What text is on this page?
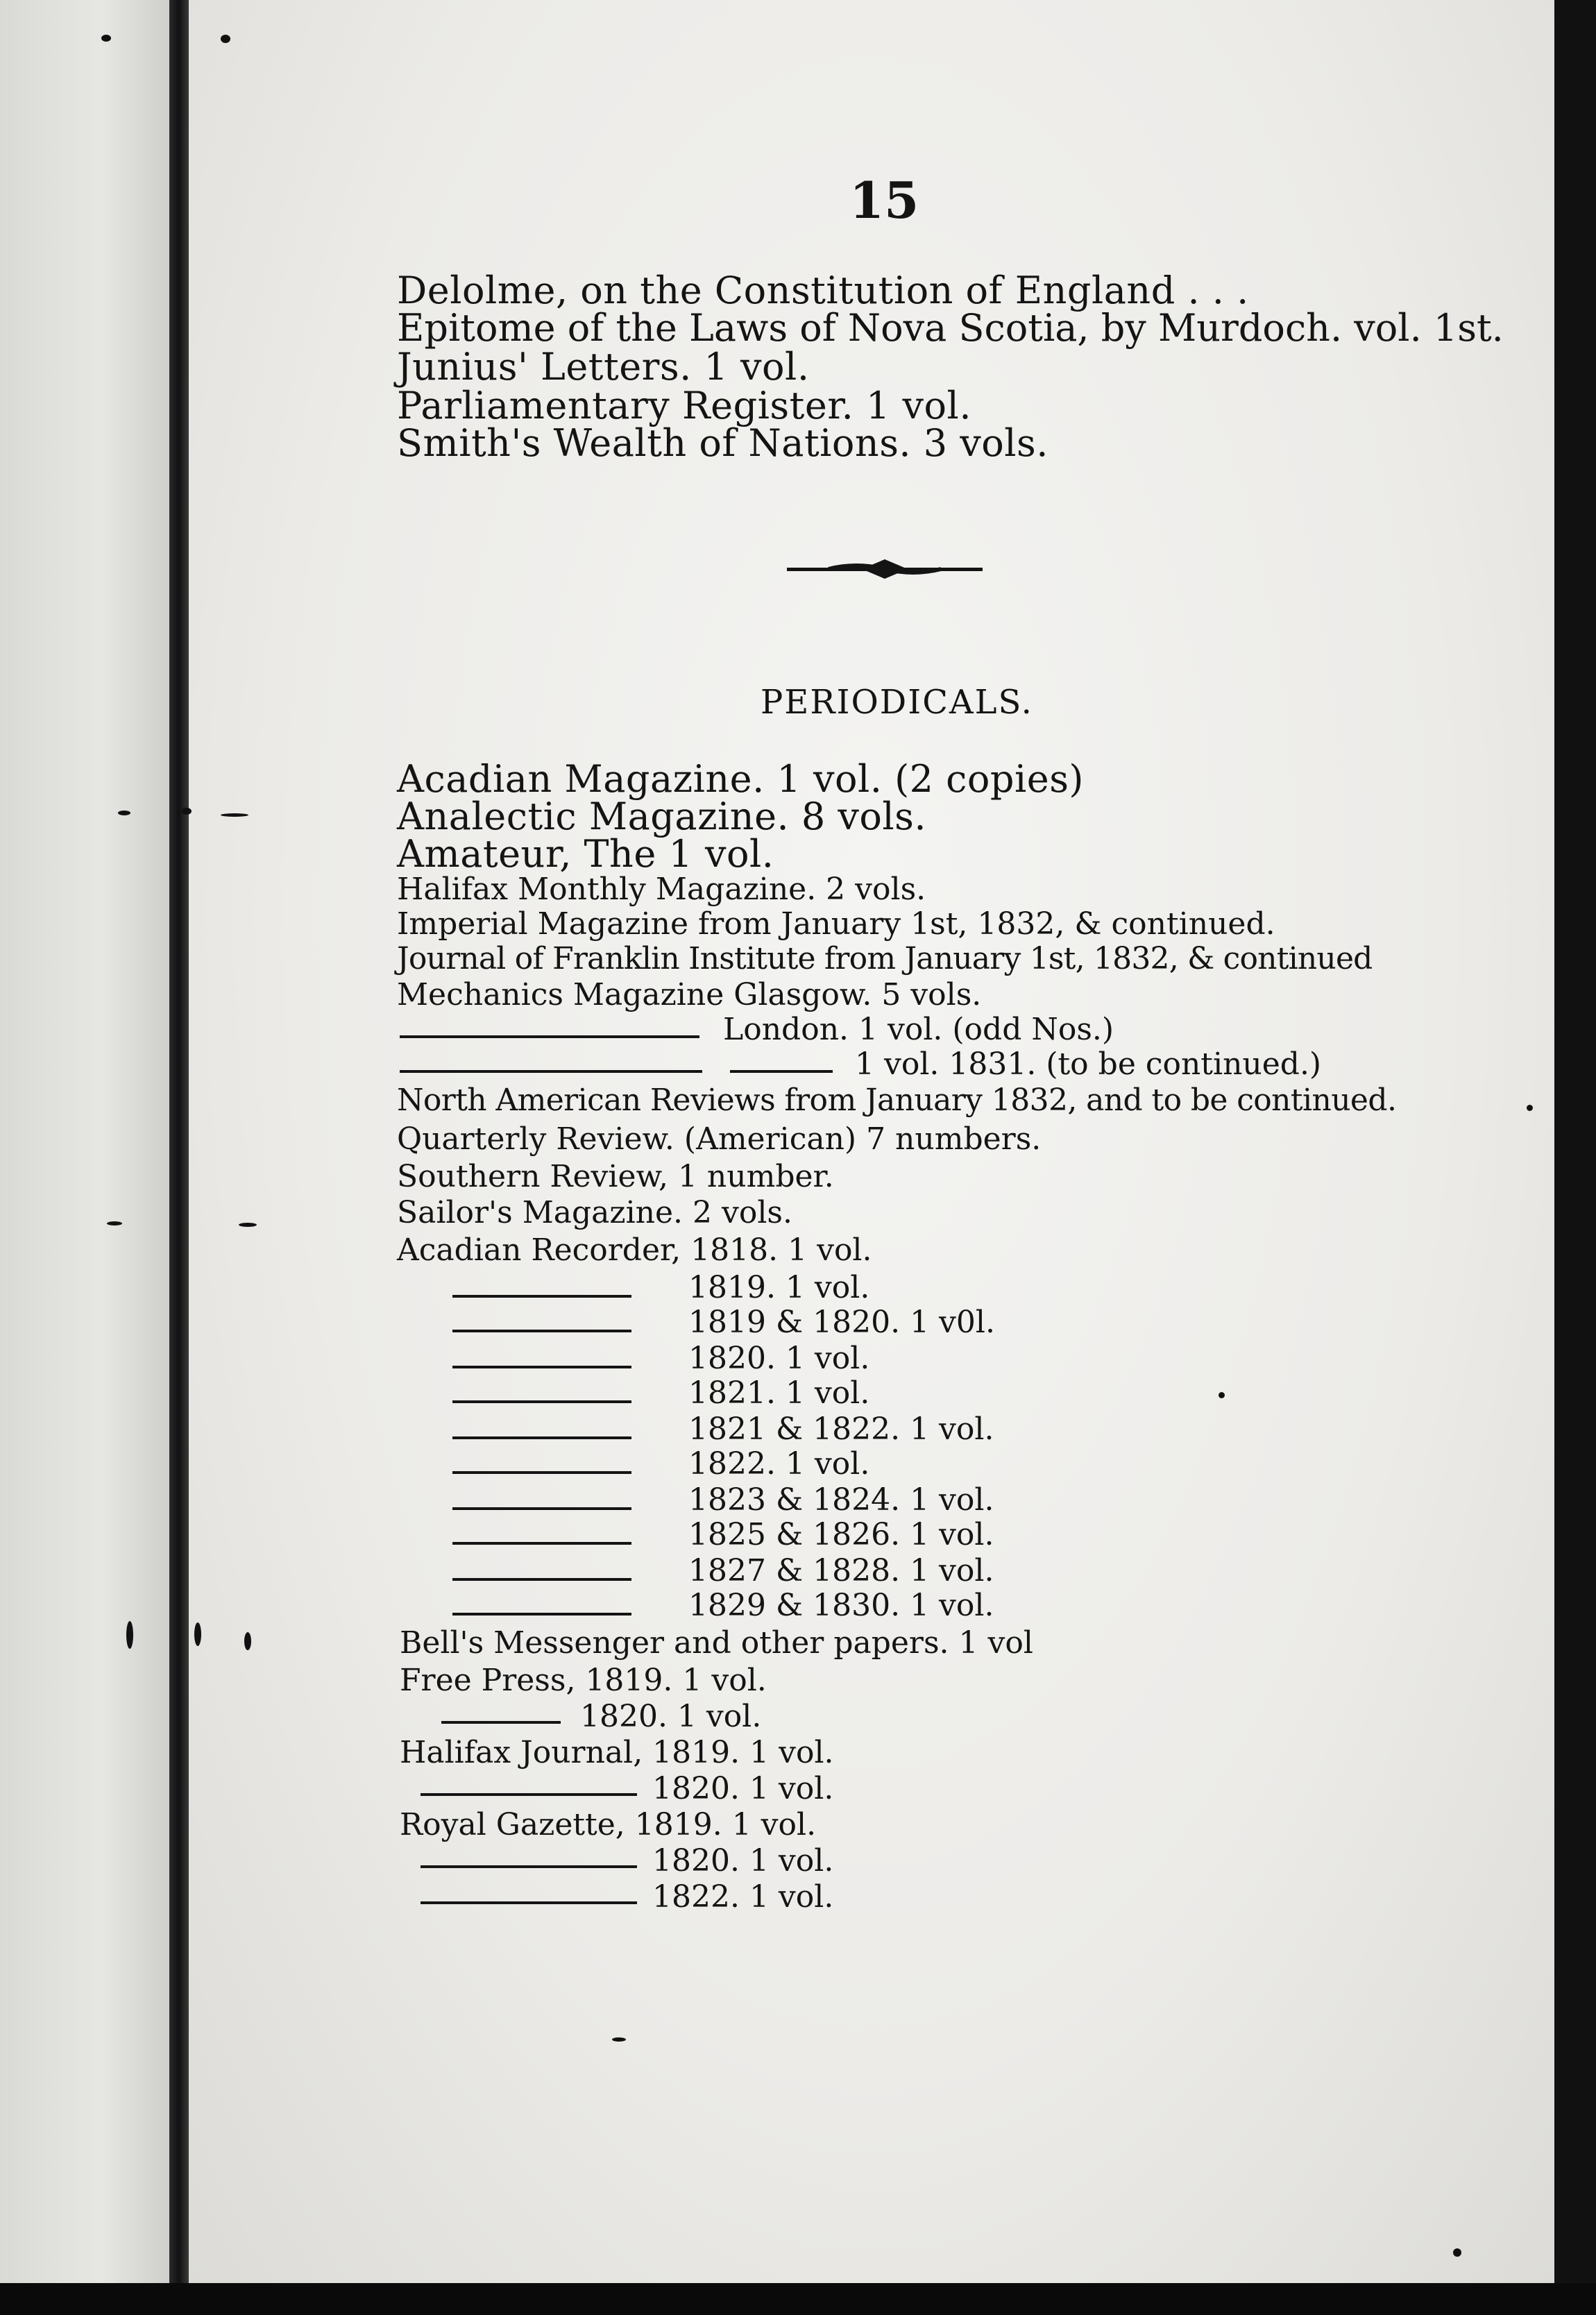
15
Delolme, on the Constitution of England . . .
Epitome of the Laws of Nova Scotia, by Murdoch. vol. 1st.
Junius' Letters. 1 vol.
Parliamentary Register. 1 vol.
Smith's Wealth of Nations. 3 vols.
PERIODICALS.
Acadian Magazine. 1 vol. (2 copies)
Analectic Magazine. 8 vols.
Amateur, The 1 vol.
Halifax Monthly Magazine. 2 vols.
Imperial Magazine from January 1st, 1832, & continued.
Journal of Franklin Institute from January 1st, 1832, & continued
Mechanics Magazine Glasgow. 5 vols.
London. 1 vol. (odd Nos.)
1 vol. 1831. (to be continued.)
North American Reviews from January 1832, and to be continued.
Quarterly Review. (American) 7 numbers.
Southern Review, 1 number.
Sailor's Magazine. 2 vols.
Acadian Recorder, 1818. 1 vol.
1819. 1 vol.
1819 & 1820. 1 v0l.
1820. 1 vol.
1821. 1 vol.
1821 & 1822. 1 vol.
1822. 1 vol.
1823 & 1824. 1 vol.
1825 & 1826. 1 vol.
1827 & 1828. 1 vol.
1829 & 1830. 1 vol.
Bell's Messenger and other papers. 1 vol
Free Press, 1819. 1 vol.
1820. 1 vol.
Halifax Journal, 1819. 1 vol.
1820. 1 vol.
Royal Gazette, 1819. 1 vol.
1820. 1 vol.
1822. 1 vol.
